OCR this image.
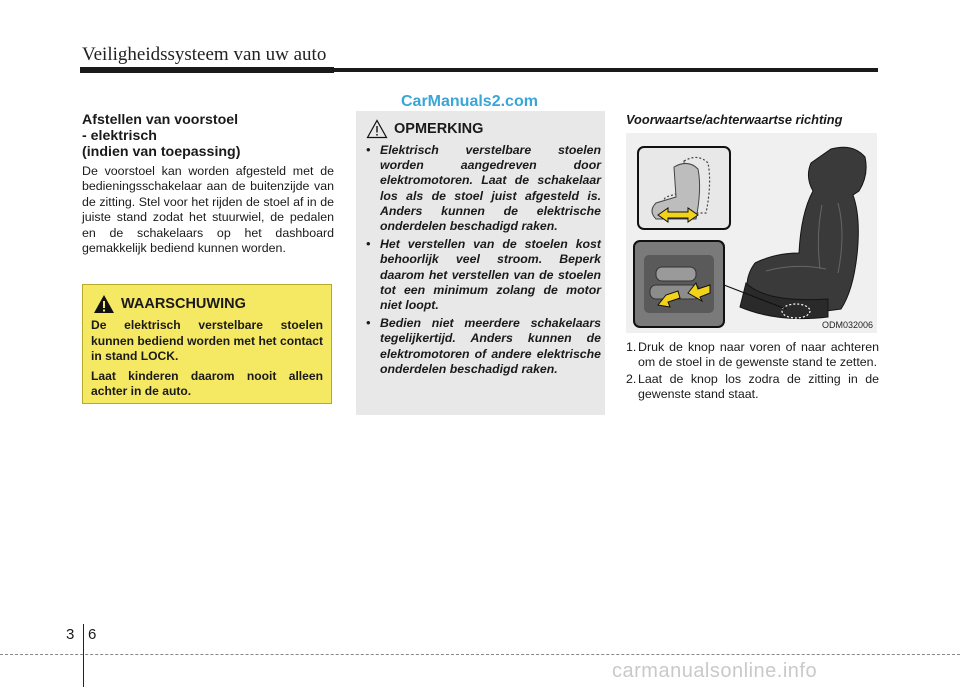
Veiligheidssysteem van uw auto
CarManuals2.com
Afstellen van voorstoel
- elektrisch
(indien van toepassing)
De voorstoel kan worden afgesteld met de bedieningsschakelaar aan de buitenzijde van de zitting. Stel voor het rijden de stoel af in de juiste stand zodat het stuurwiel, de pedalen en de schakelaars op het dashboard gemakkelijk bediend kunnen worden.
WAARSCHUWING

De elektrisch verstelbare stoelen kunnen bediend worden met het contact in stand LOCK.

Laat kinderen daarom nooit alleen achter in de auto.

OPMERKING
• Elektrisch verstelbare stoelen worden aangedreven door elektromotoren. Laat de schakelaar los als de stoel juist afgesteld is. Anders kunnen de elektrische onderdelen beschadigd raken.
• Het verstellen van de stoelen kost behoorlijk veel stroom. Beperk daarom het verstellen van de stoelen tot een minimum zolang de motor niet loopt.
• Bedien niet meerdere schakelaars tegelijkertijd. Anders kunnen de elektromotoren of andere elektrische onderdelen beschadigd raken.
Voorwaartse/achterwaartse richting
ODM032006
1. Druk de knop naar voren of naar achteren om de stoel in de gewenste stand te zetten.
2. Laat de knop los zodra de zitting in de gewenste stand staat.
3 6
carmanualsonline.info
